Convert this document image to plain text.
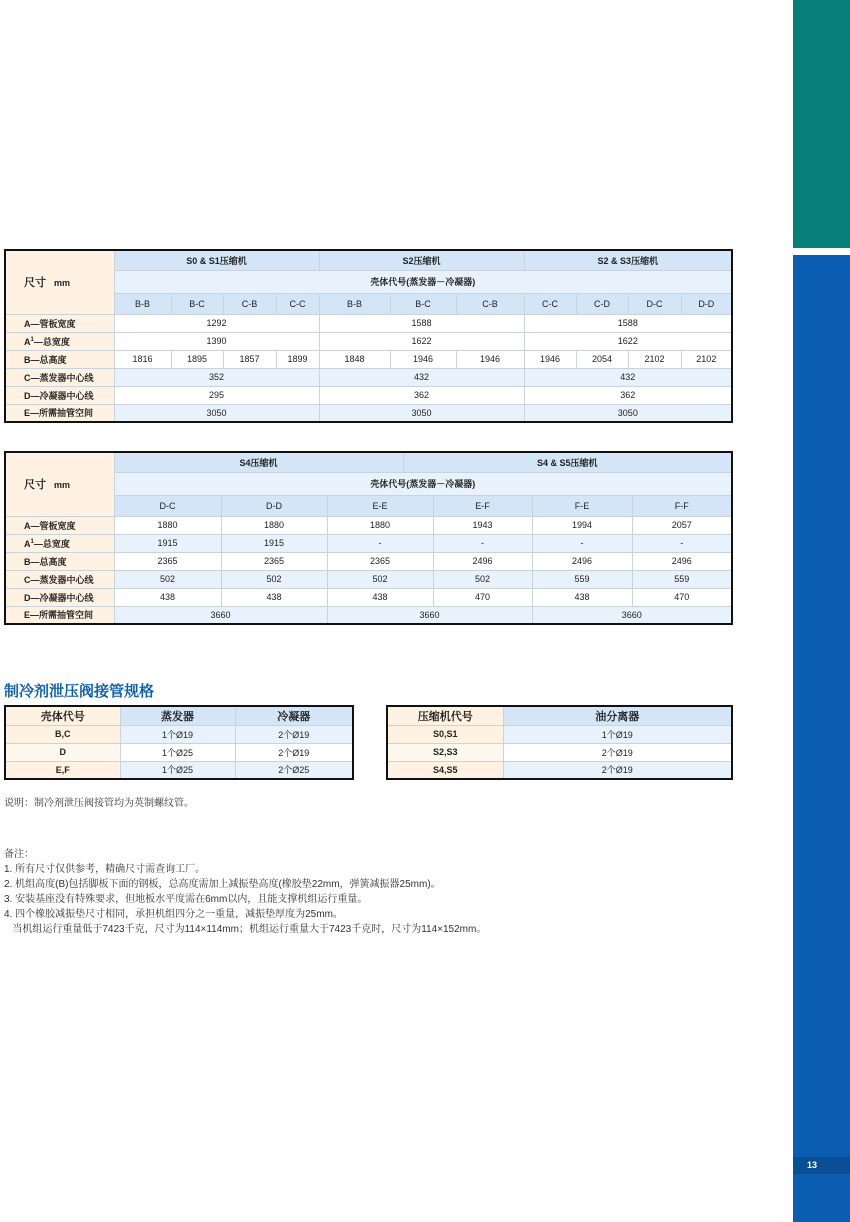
13
尺寸 mm	S0 & S1压缩机				S2压缩机			S2 & S3压缩机			
	壳体代号(蒸发器－冷凝器)										
	B-B	B-C	C-B	C-C	B-B	B-C	C-B	C-C	C-D	D-C	D-D
A—管板宽度	1292				1588			1588			
$A^1—$总宽度	1390				1622			1622			
B—总高度	1816	1895	1857	1899	1848	1946	1946	1946	2054	2102	2102
C—蒸发器中心线	352				432			432			
D—冷凝器中心线	295				362			362			
E—所需抽管空间	3050				3050			3050			
尺寸 mm	S4压缩机			S4 & S5压缩机			
	壳体代号(蒸发器－冷凝器)						
	D-C	D-D	E-E		E-F	F-E	F-F
A—管板宽度	1880	1880	1880		1943	1994	2057
$A^1—$总宽度	1915	1915	-		-	-	-
B—总高度	2365	2365	2365		2496	2496	2496
C—蒸发器中心线	502	502	502		502	559	559
D—冷凝器中心线	438	438	438		470	438	470
E—所需抽管空间	3660		3660			3660	
制冷剂泄压阀接管规格
壳体代号	蒸发器	冷凝器
B,C	1个Ø19	2个Ø19
D	1个Ø25	2个Ø19
E,F	1个Ø25	2个Ø25
压缩机代号	油分离器
S0,S1	1个Ø19
S2,S3	2个Ø19
S4,S5	2个Ø19
说明：制冷剂泄压阀接管均为英制螺纹管。
备注：
1. 所有尺寸仅供参考，精确尺寸需查询工厂。
2. 机组高度(B)包括脚板下面的钢板，总高度需加上减振垫高度(橡胶垫22mm，弹簧减振器25mm)。
3. 安装基座没有特殊要求，但地板水平度需在6mm以内，且能支撑机组运行重量。
4. 四个橡胶减振垫尺寸相同，承担机组四分之一重量，减振垫厚度为25mm。
当机组运行重量低于7423千克，尺寸为114×114mm；机组运行重量大于7423千克时，尺寸为114×152mm。
